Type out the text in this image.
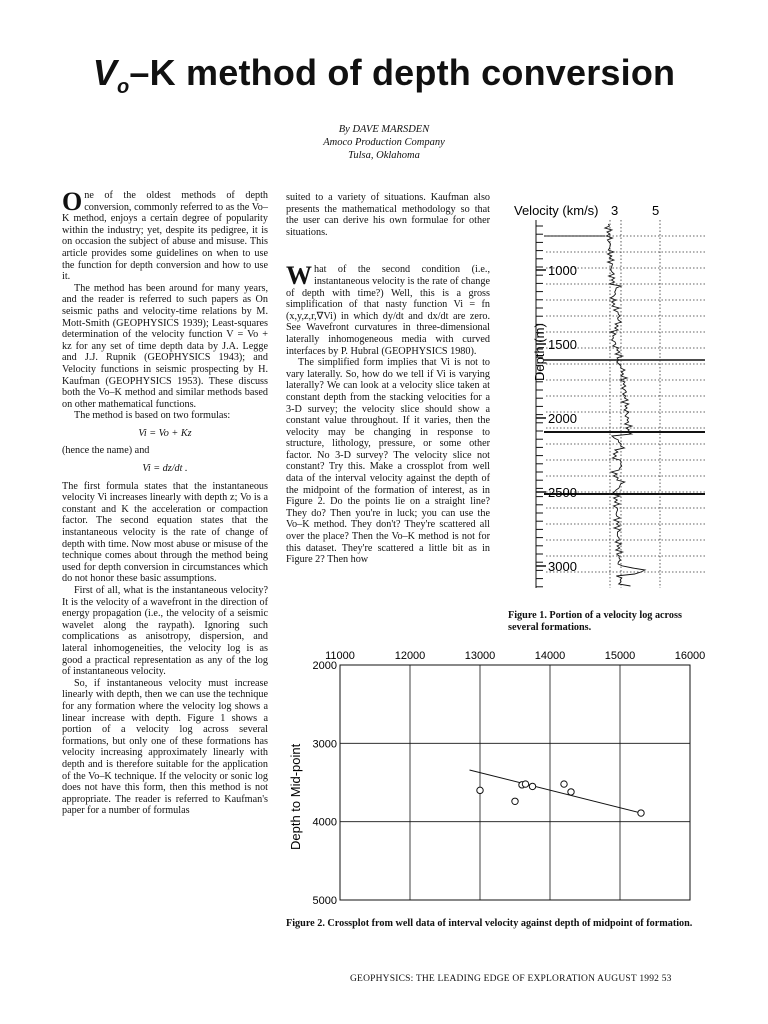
$V_o-K$ method of depth conversion
By DAVE MARSDEN
Amoco Production Company
Tulsa, Oklahoma

One of the oldest methods of depth conversion, commonly referred to as the Vo–K method, enjoys a certain degree of popularity within the industry; yet, despite its pedigree, it is on occasion the subject of abuse and misuse. This article provides some guidelines on when to use the function for depth conversion and how to use it.

The method has been around for many years, and the reader is referred to such papers as On seismic paths and velocity-time relations by M. Mott-Smith (GEOPHYSICS 1939); Least-squares determination of the velocity function V = Vo + kz for any set of time depth data by J.A. Legge and J.J. Rupnik (GEOPHYSICS 1943); and Velocity functions in seismic prospecting by H. Kaufman (GEOPHYSICS 1953). These discuss both the Vo–K method and similar methods based on other mathematical functions.

The method is based on two formulas:

Vi = Vo + Kz

(hence the name) and

Vi = dz/dt .

The first formula states that the instantaneous velocity Vi increases linearly with depth z; Vo is a constant and K the acceleration or compaction factor. The second equation states that the instantaneous velocity is the rate of change of depth with time. Now most abuse or misuse of the technique comes about through the method being used for depth conversion in circumstances which do not honor these basic assumptions.

First of all, what is the instantaneous velocity? It is the velocity of a wavefront in the direction of energy propagation (i.e., the velocity of a seismic wavelet along the raypath). Ignoring such complications as anisotropy, dispersion, and lateral inhomogeneities, the velocity log is as good a practical representation as any of the log of instantaneous velocity.

So, if instantaneous velocity must increase linearly with depth, then we can use the technique for any formation where the velocity log shows a linear increase with depth. Figure 1 shows a portion of a velocity log across several formations, but only one of these formations has velocity increasing approximately linearly with depth and is therefore suitable for the application of the Vo–K technique. If the velocity or sonic log does not have this form, then this method is not appropriate. The reader is referred to Kaufman's paper for a number of formulas

suited to a variety of situations. Kaufman also presents the mathematical methodology so that the user can derive his own formulae for other situations.

What of the second condition (i.e., instantaneous velocity is the rate of change of depth with time?) Well, this is a gross simplification of that nasty function Vi = fn (x,y,z,r,∇Vi) in which dy/dt and dx/dt are zero. See Wavefront curvatures in three-dimensional laterally inhomogeneous media with curved interfaces by P. Hubral (GEOPHYSICS 1980).

The simplified form implies that Vi is not to vary laterally. So, how do we tell if Vi is varying laterally? We can look at a velocity slice taken at constant depth from the stacking velocities for a 3-D survey; the velocity slice should show a constant value throughout. If it varies, then the velocity may be changing in response to structure, lithology, pressure, or some other factor. No 3-D survey? The velocity slice not constant? Try this. Make a crossplot from well data of the interval velocity against the depth of the midpoint of the formation of interest, as in Figure 2. Do the points lie on a straight line? They do? Then you're in luck; you can use the Vo–K method. They don't? They're scattered all over the place? Then the Vo–K method is not for this dataset. They're scattered a little bit as in Figure 2? Then how

Velocity (km/s) 3	5
Depth (m)
1000
1500
2000
2500
3000
Figure 1. Portion of a velocity log across several formations.
11000	12000	13000	14000	15000	16000
2000
3000
4000
5000
Depth to Mid-point
Figure 2. Crossplot from well data of interval velocity against depth of midpoint of formation.
GEOPHYSICS: THE LEADING EDGE OF EXPLORATION AUGUST 1992 53
